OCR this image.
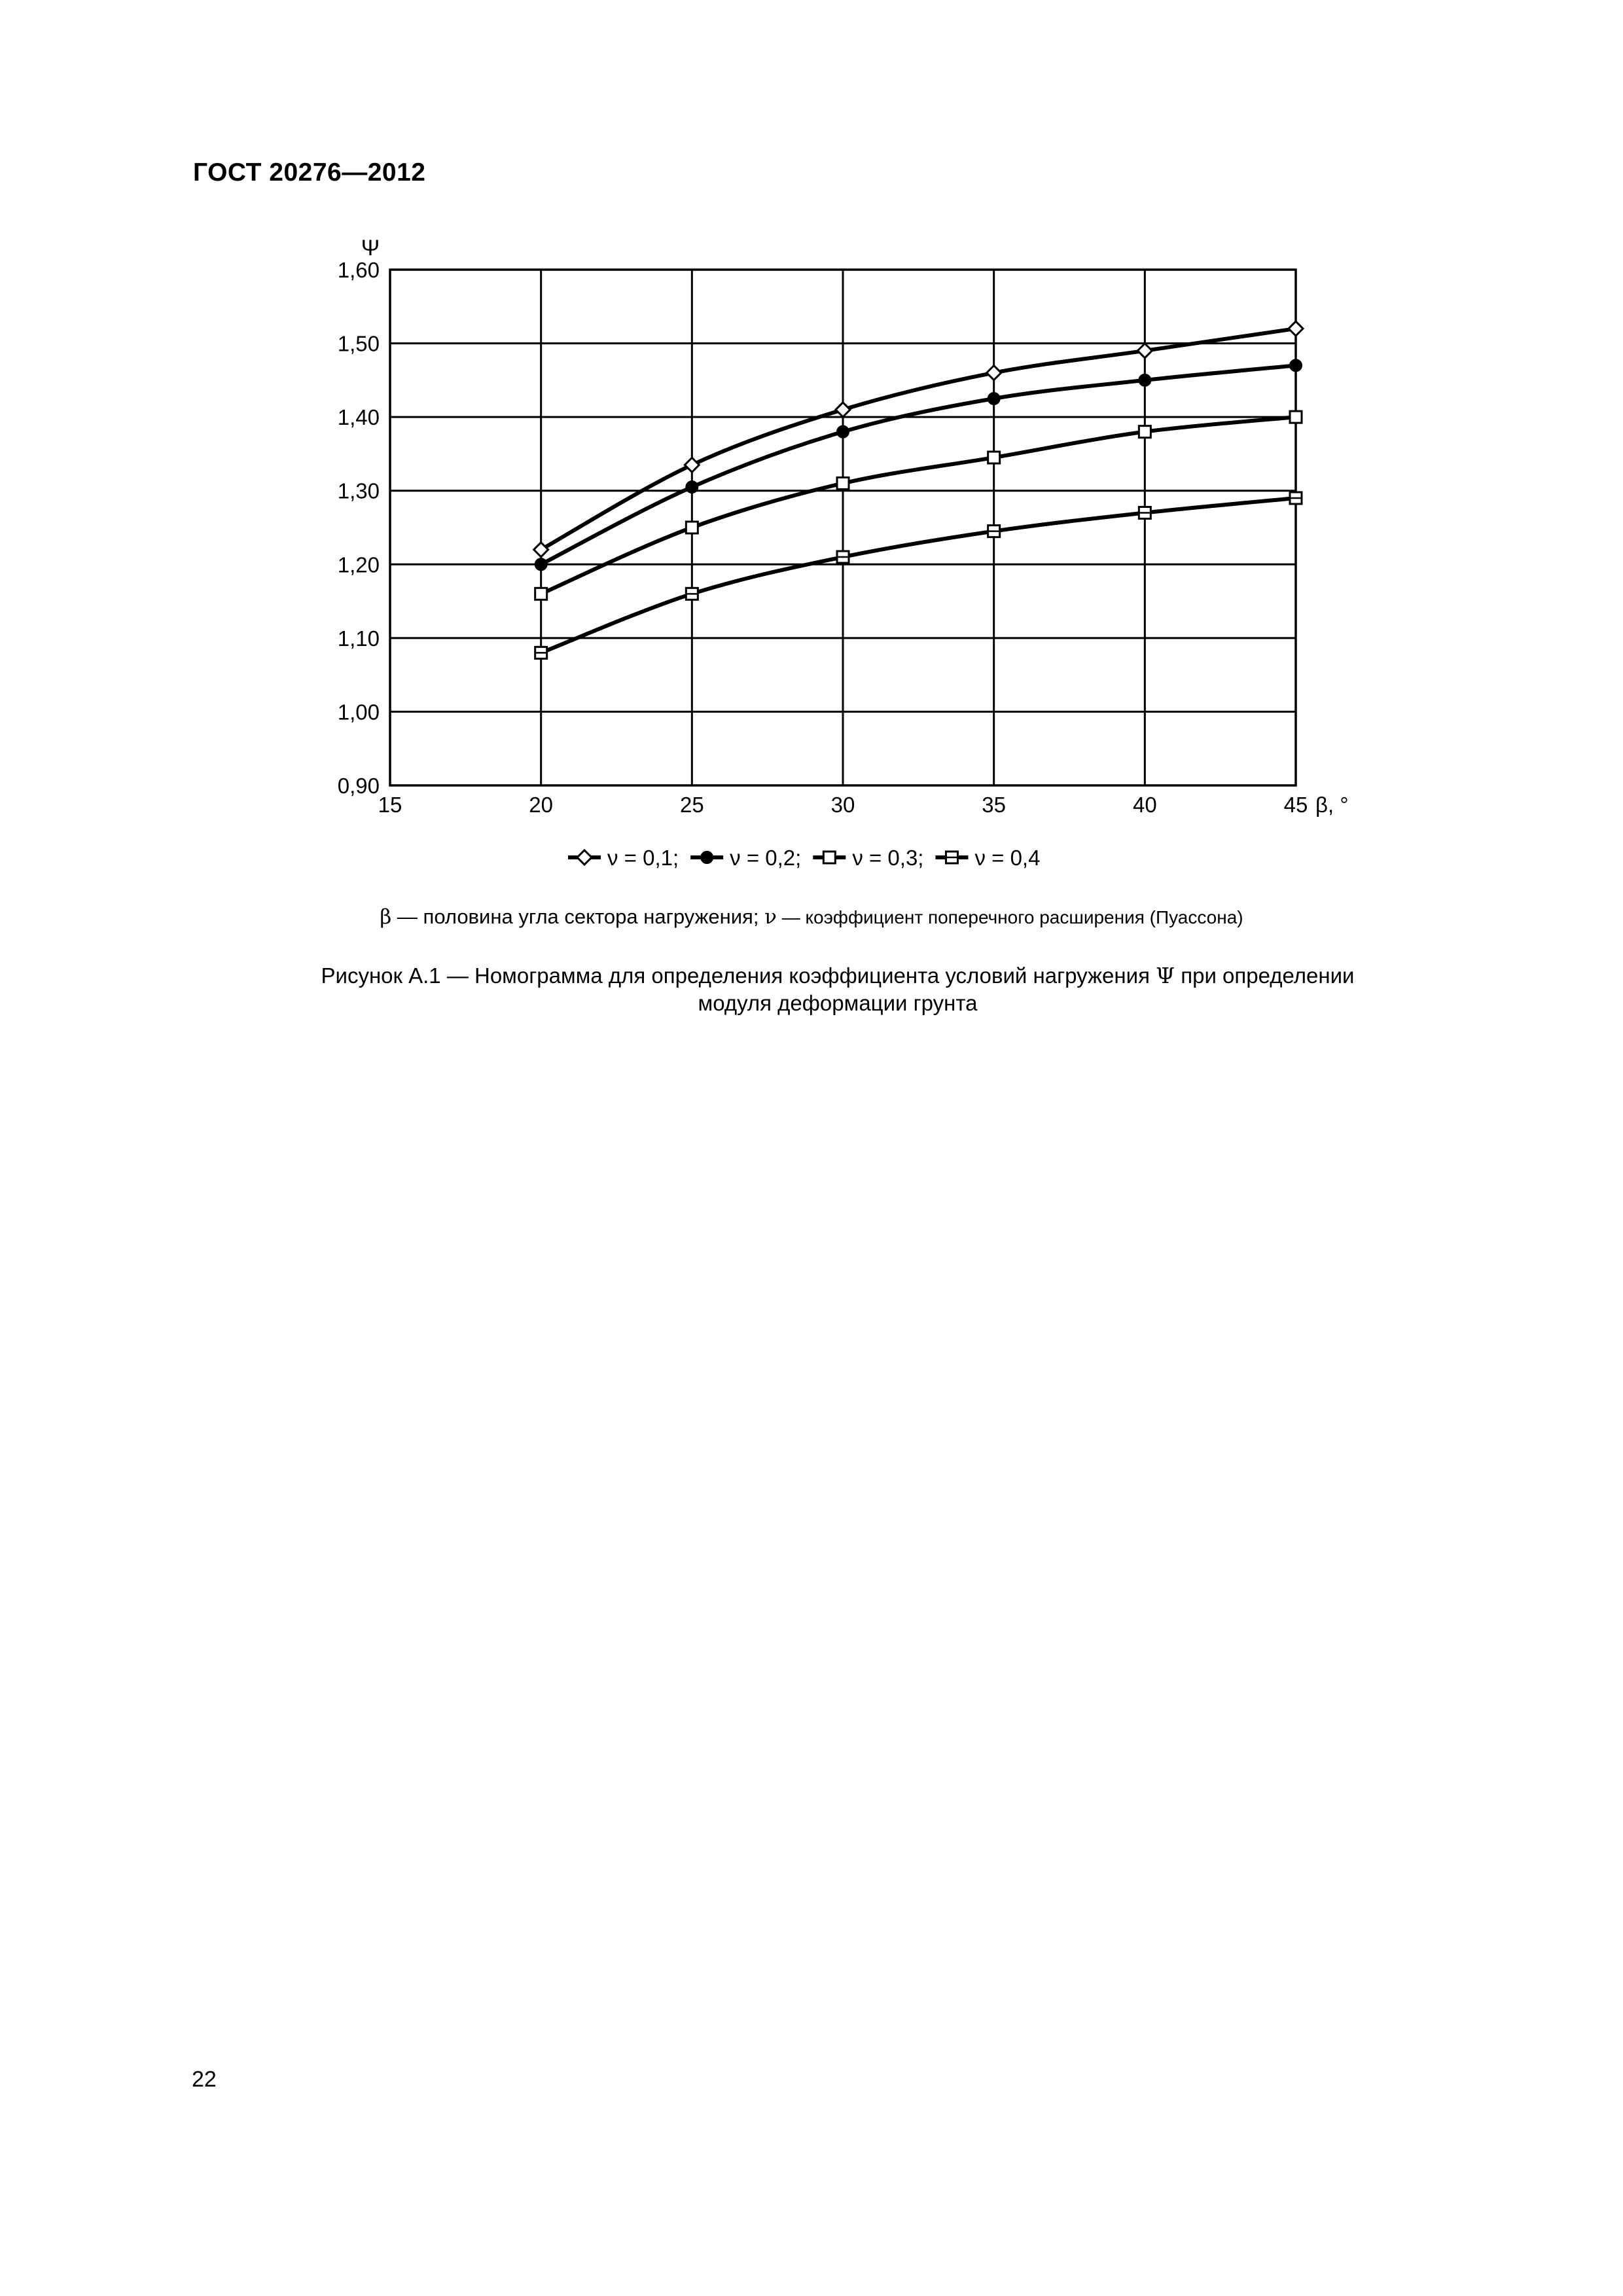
ГОСТ 20276—2012
0,90
1,00
1,10
1,20
1,30
1,40
1,50
1,60
15	20	25	30	35	40	45
Ψ
β, °
ν = 0,1; ν = 0,2; ν = 0,3; ν = 0,4
β — половина угла сектора нагружения; ν — коэффициент поперечного расширения (Пуассона)
Рисунок А.1 — Номограмма для определения коэффициента условий нагружения Ψ при определении
модуля деформации грунта
22
